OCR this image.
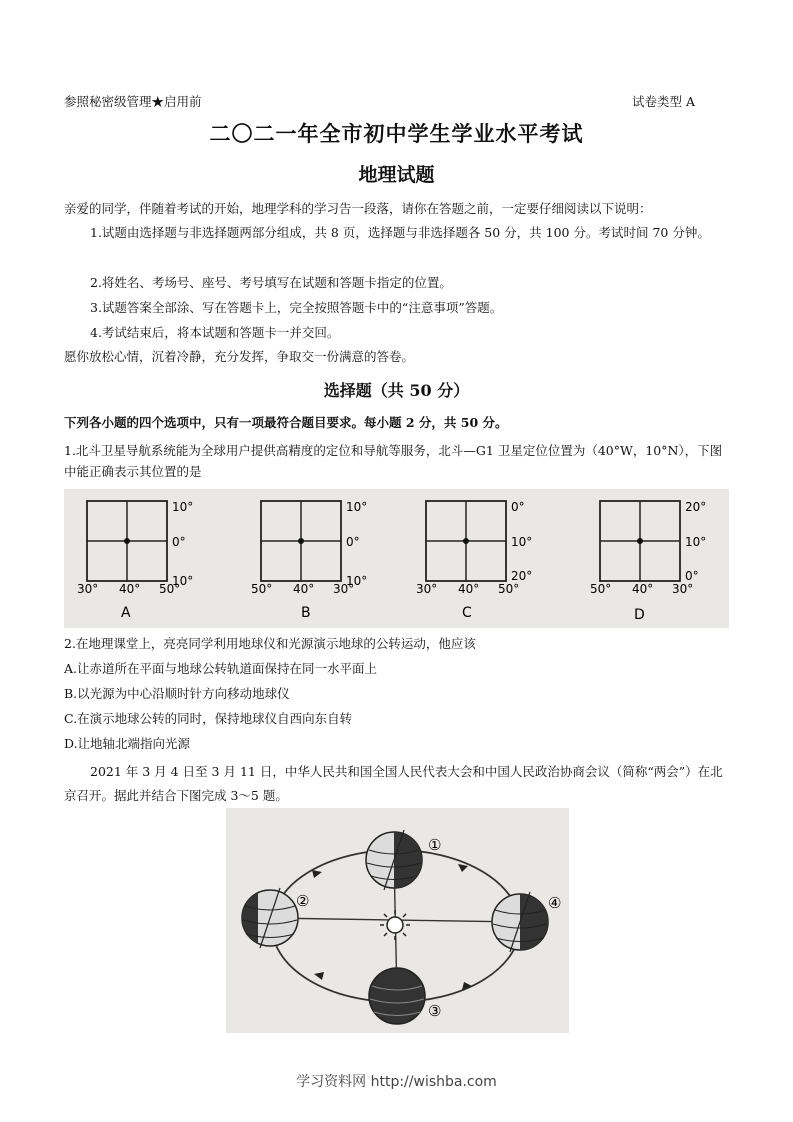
参照秘密级管理★启用前	试卷类型 A
二〇二一年全市初中学生学业水平考试
地理试题
亲爱的同学，伴随着考试的开始，地理学科的学习告一段落，请你在答题之前，一定要仔细阅读以下说明：
1.试题由选择题与非选择题两部分组成，共 8 页，选择题与非选择题各 50 分，共 100 分。考试时间 70 分钟。
2.将姓名、考场号、座号、考号填写在试题和答题卡指定的位置。
3.试题答案全部涂、写在答题卡上，完全按照答题卡中的“注意事项”答题。
4.考试结束后，将本试题和答题卡一并交回。
愿你放松心情，沉着冷静，充分发挥，争取交一份满意的答卷。
选择题（共 50 分）
下列各小题的四个选项中，只有一项最符合题目要求。每小题 2 分，共 50 分。
1.北斗卫星导航系统能为全球用户提供高精度的定位和导航等服务，北斗—G1 卫星定位位置为（40°W，10°N），下图中能正确表示其位置的是
10°
0°
10°
30° 40° 50°
A
10°
0°
10°
50° 40° 30°
B
0°
10°
20°
30° 40° 50°
C
20°
10°
0°
50° 40° 30°
D
2.在地理课堂上，亮亮同学利用地球仪和光源演示地球的公转运动，他应该
A.让赤道所在平面与地球公转轨道面保持在同一水平面上
B.以光源为中心沿顺时针方向移动地球仪
C.在演示地球公转的同时，保持地球仪自西向东自转
D.让地轴北端指向光源
2021 年 3 月 4 日至 3 月 11 日，中华人民共和国全国人民代表大会和中国人民政治协商会议（简称“两会”）在北京召开。据此并结合下图完成 3～5 题。
①
②
③
④
学习资料网 http://wishba.com
